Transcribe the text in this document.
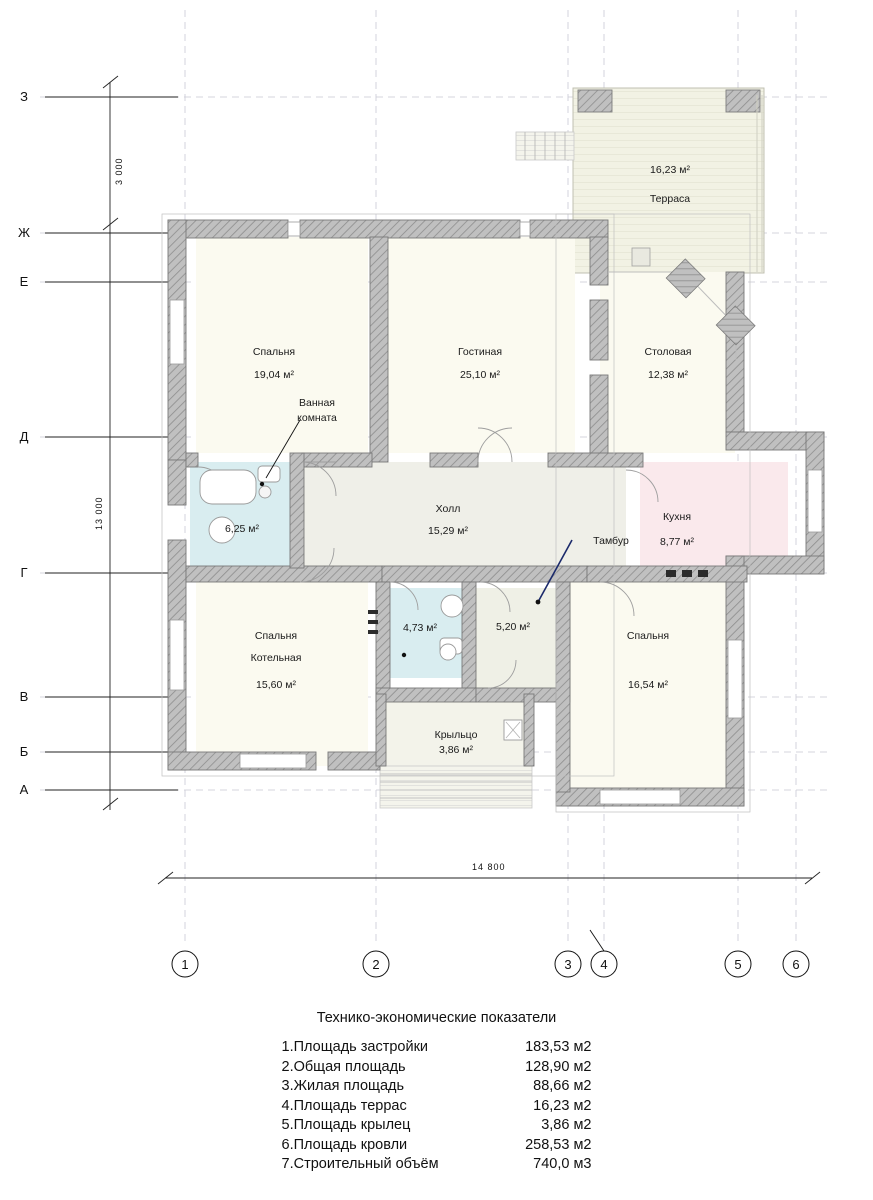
З
Ж
Е
Д
Г
В
Б
А
1	2	3	4	5	6
3 000
13 000
14 800
16,23 м²
Терраса
Спальня
19,04 м²
Гостиная
25,10 м²
Столовая
12,38 м²
Ванная
комната
6,25 м²
Холл
15,29 м²
Кухня
8,77 м²
Спальня
Котельная
15,60 м²
4,73 м²
Тамбур
5,20 м²
Спальня
16,54 м²
Крыльцо
3,86 м²
Технико-экономические показатели
1.Площадь застройки	183,53 м2
2.Общая площадь	128,90 м2
3.Жилая площадь	88,66 м2
4.Площадь террас	16,23 м2
5.Площадь крылец	3,86 м2
6.Площадь кровли	258,53 м2
7.Строительный объём	740,0 м3
